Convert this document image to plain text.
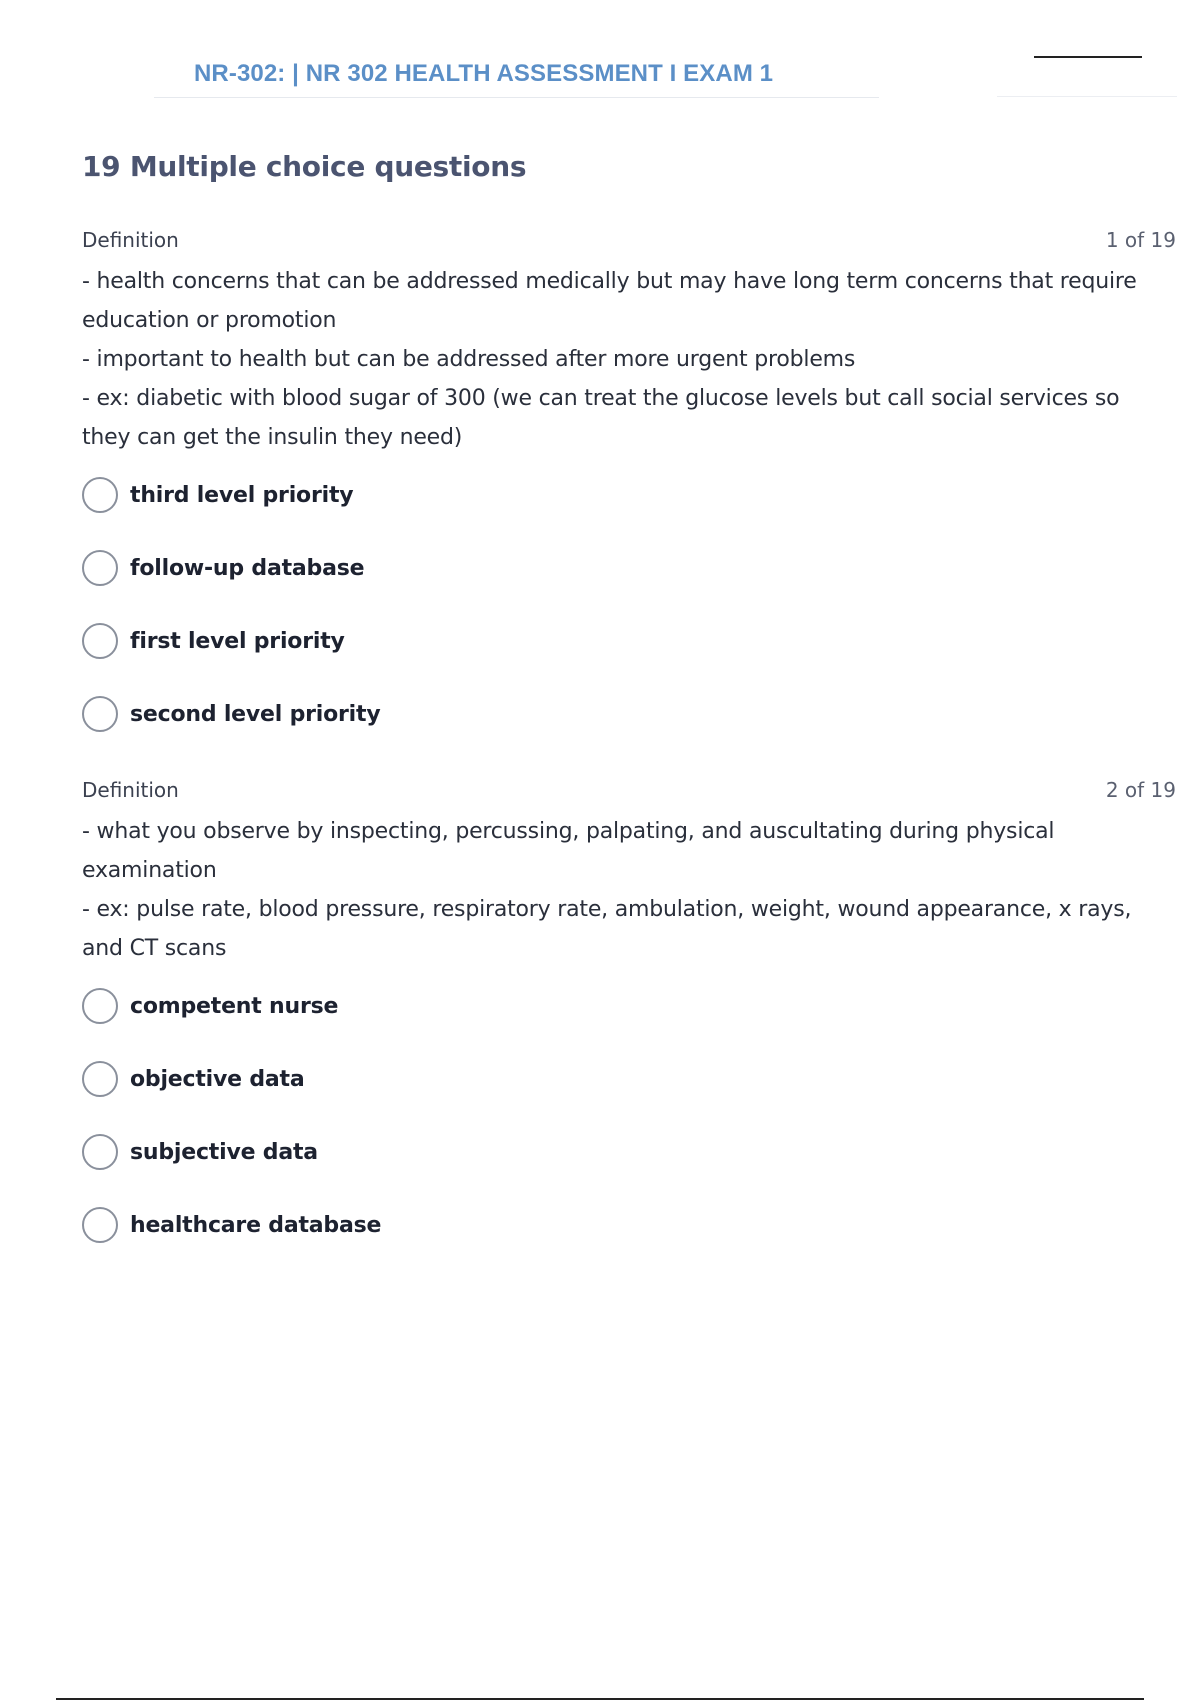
NR-302: | NR 302 HEALTH ASSESSMENT I EXAM 1
19 Multiple choice questions
Definition	1 of 19
- health concerns that can be addressed medically but may have long term concerns that require
education or promotion
- important to health but can be addressed after more urgent problems
- ex: diabetic with blood sugar of 300 (we can treat the glucose levels but call social services so
they can get the insulin they need)
third level priority
follow-up database
first level priority
second level priority
Definition	2 of 19
- what you observe by inspecting, percussing, palpating, and auscultating during physical
examination
- ex: pulse rate, blood pressure, respiratory rate, ambulation, weight, wound appearance, x rays,
and CT scans
competent nurse
objective data
subjective data
healthcare database
